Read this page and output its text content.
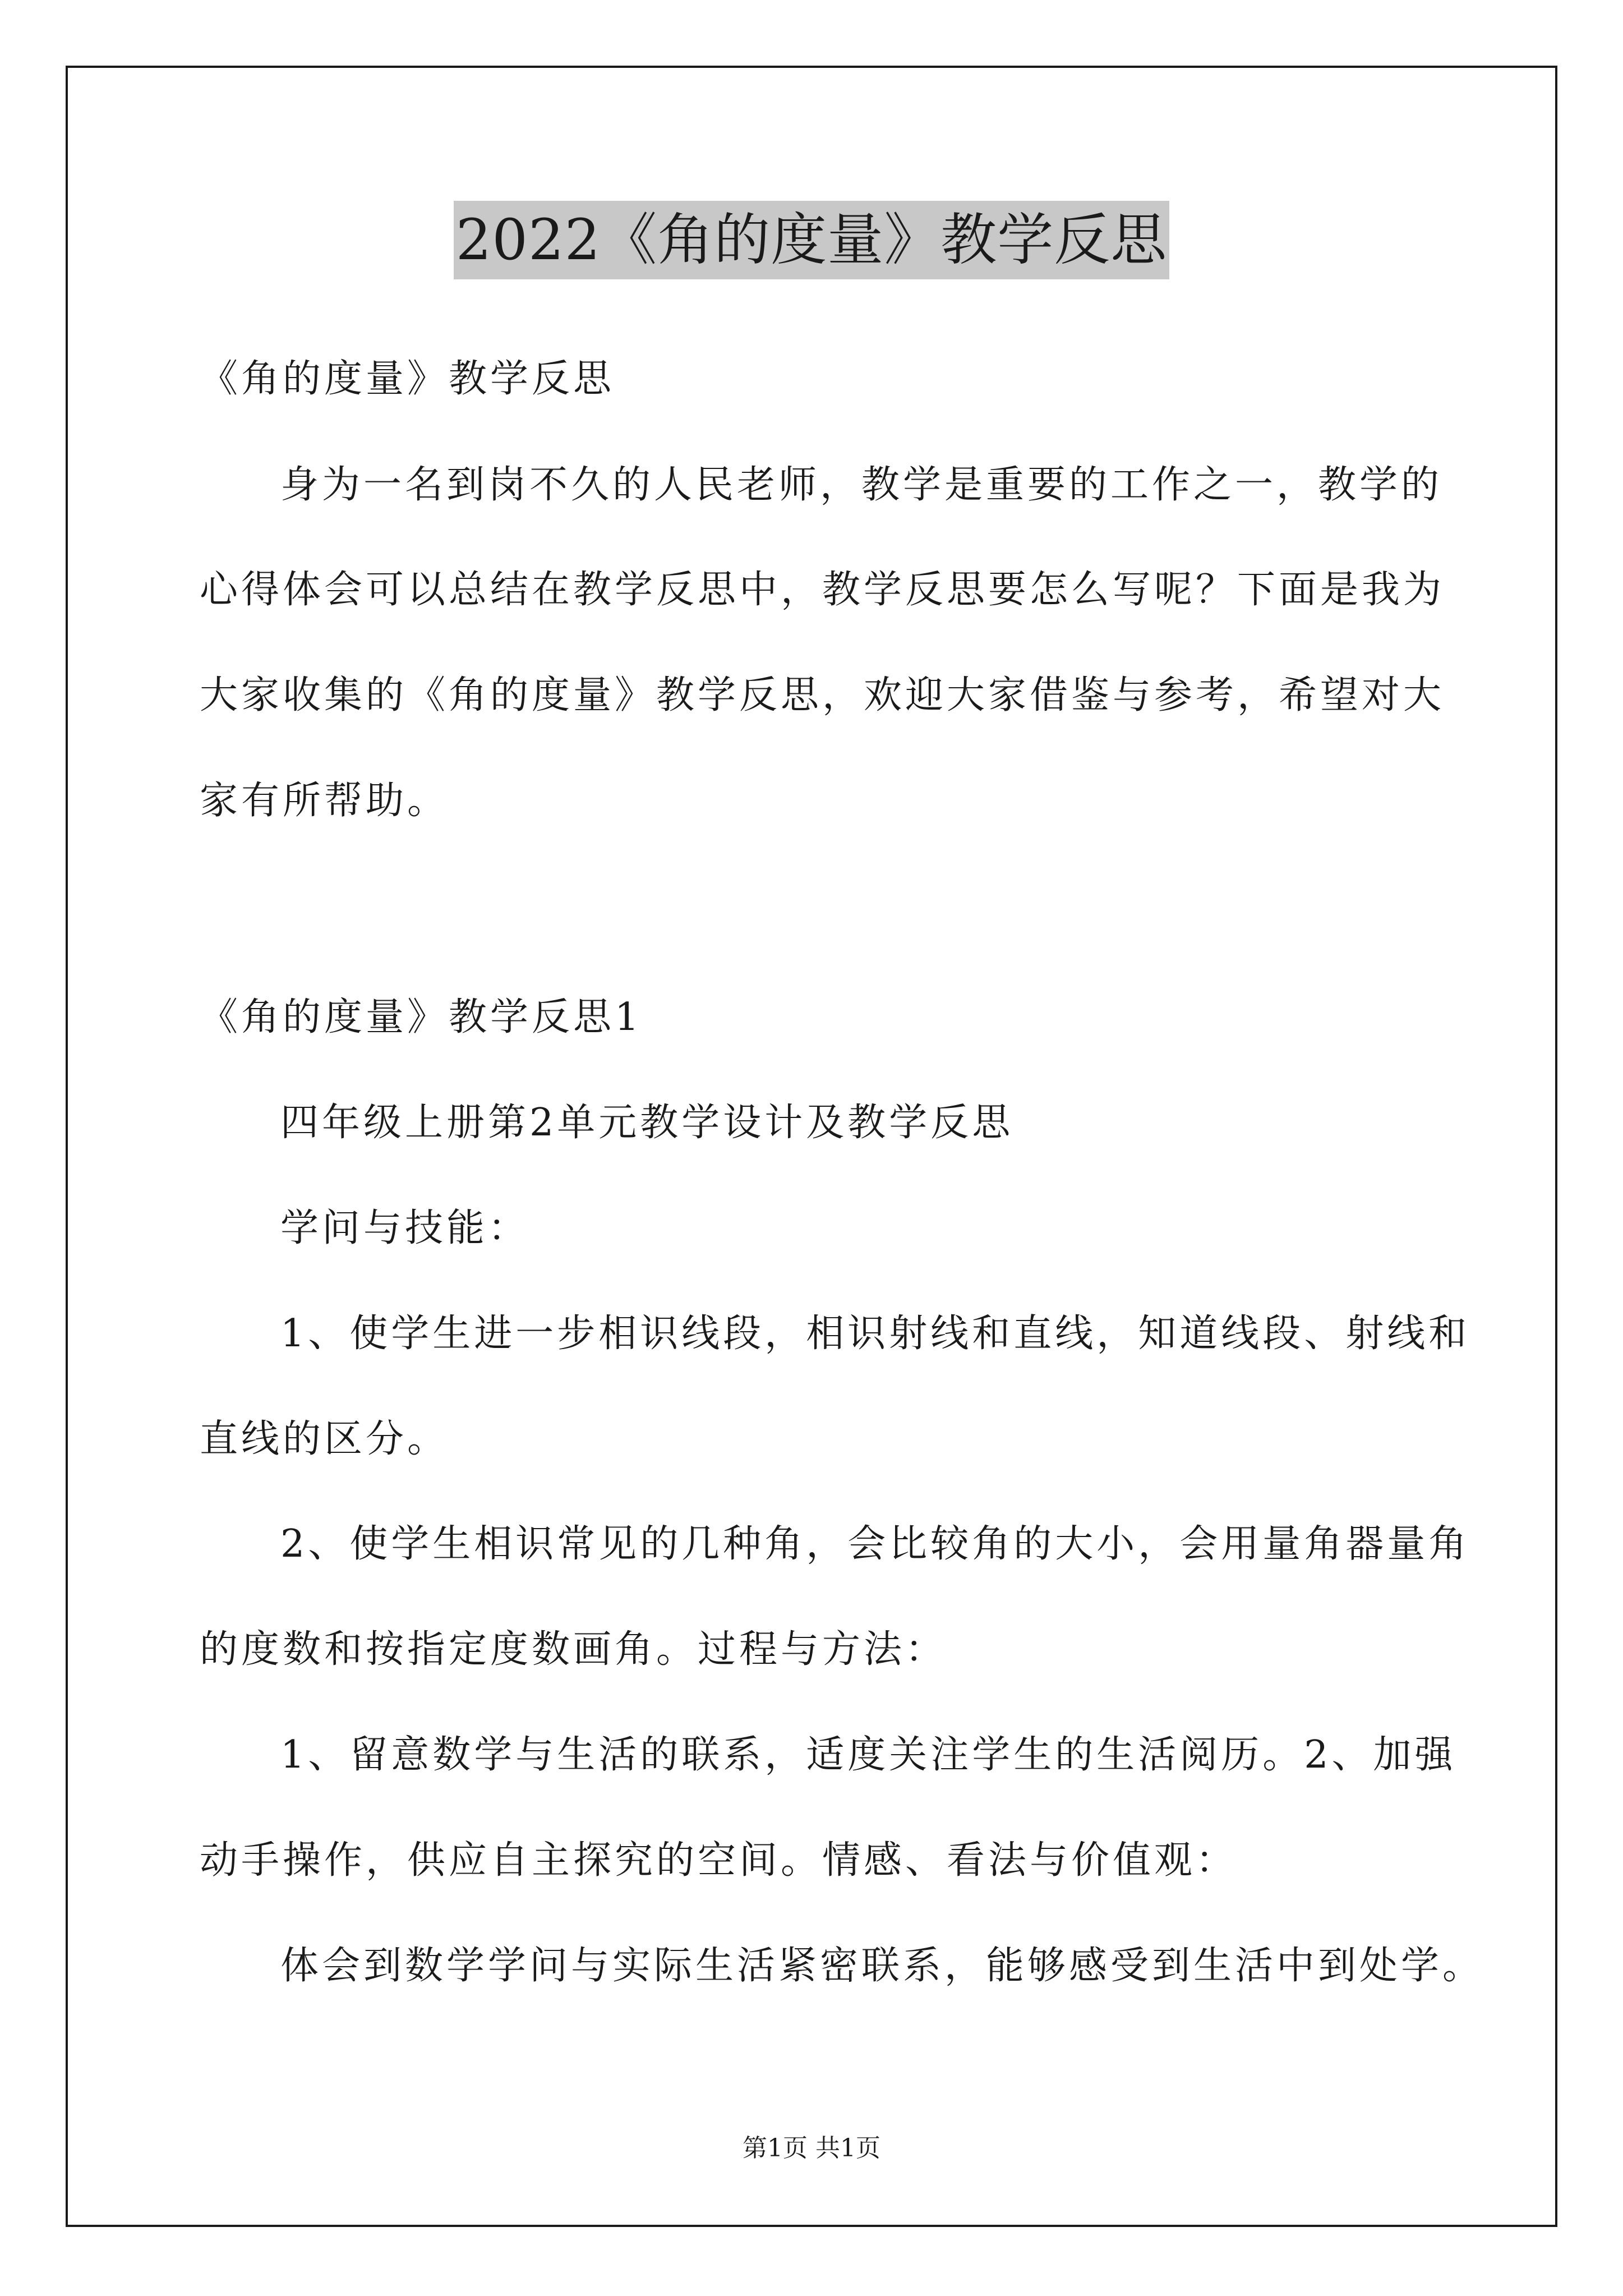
2022《角的度量》教学反思
《角的度量》教学反思
身为一名到岗不久的人民老师，教学是重要的工作之一，教学的
心得体会可以总结在教学反思中，教学反思要怎么写呢？下面是我为
大家收集的《角的度量》教学反思，欢迎大家借鉴与参考，希望对大
家有所帮助。
《角的度量》教学反思1
四年级上册第2单元教学设计及教学反思
学问与技能：
1、使学生进一步相识线段，相识射线和直线，知道线段、射线和
直线的区分。
2、使学生相识常见的几种角，会比较角的大小，会用量角器量角
的度数和按指定度数画角。过程与方法：
1、留意数学与生活的联系，适度关注学生的生活阅历。2、加强
动手操作，供应自主探究的空间。情感、看法与价值观：
体会到数学学问与实际生活紧密联系，能够感受到生活中到处学。
第1页 共1页
